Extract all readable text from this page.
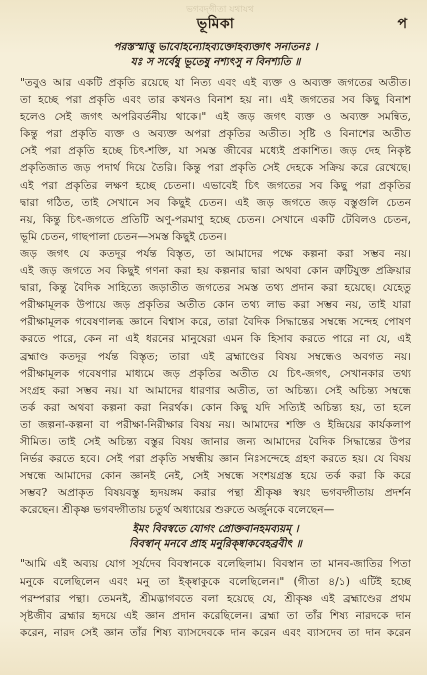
ভগবদ্‌গীতা যথাযথ
ভূমিকা	প
পরস্তস্মাত্তু ভাবোহন্যোহব্যক্তোহব্যক্তাৎ সনাতনঃ ।
যঃ স সর্বেষু ভূতেষু নশ্যৎসু ন বিনশ্যতি ॥
"তবুও আর একটি প্রকৃতি রয়েছে যা নিত্য এবং এই ব্যক্ত ও অব্যক্ত জগতের অতীত।
তা হচ্ছে পরা প্রকৃতি এবং তার কখনও বিনাশ হয় না। এই জগতের সব কিছু বিনাশ
হলেও সেই জগৎ অপরিবর্তনীয় থাকে।" এই জড় জগৎ ব্যক্ত ও অব্যক্ত সমন্বিত,
কিন্তু পরা প্রকৃতি ব্যক্ত ও অব্যক্ত অপরা প্রকৃতির অতীত। সৃষ্টি ও বিনাশের অতীত
সেই পরা প্রকৃতি হচ্ছে চিৎ-শক্তি, যা সমস্ত জীবের মধ্যেই প্রকাশিত। জড় দেহ নিকৃষ্ট
প্রকৃতিজাত জড় পদার্থ দিয়ে তৈরি। কিন্তু পরা প্রকৃতি সেই দেহকে সক্রিয় করে রেখেছে।
এই পরা প্রকৃতির লক্ষণ হচ্ছে চেতনা। এভাবেই চিৎ জগতের সব কিছু পরা প্রকৃতির
দ্বারা গঠিত, তাই সেখানে সব কিছুই চেতন। এই জড় জগতে জড় বস্তুগুলি চেতন
নয়, কিন্তু চিৎ-জগতে প্রতিটি অণু-পরমাণু হচ্ছে চেতন। সেখানে একটি টেবিলও চেতন,
ভূমি চেতন, গাছপালা চেতন—সমস্ত কিছুই চেতন।
জড় জগৎ যে কতদূর পর্যন্ত বিস্তৃত, তা আমাদের পক্ষে কল্পনা করা সম্ভব নয়।
এই জড় জগতে সব কিছুই গণনা করা হয় কল্পনার দ্বারা অথবা কোন ত্রুটিযুক্ত প্রক্রিয়ার
দ্বারা, কিন্তু বৈদিক সাহিত্যে জড়াতীত জগতের সমস্ত তথ্য প্রদান করা হয়েছে। যেহেতু
পরীক্ষামূলক উপায়ে জড় প্রকৃতির অতীত কোন তথ্য লাভ করা সম্ভব নয়, তাই যারা
পরীক্ষামূলক গবেষণালব্ধ জ্ঞানে বিশ্বাস করে, তারা বৈদিক সিদ্ধান্তের সম্বন্ধে সন্দেহ পোষণ
করতে পারে, কেন না এই ধরনের মানুষেরা এমন কি হিসাব করতে পারে না যে, এই
ব্রহ্মাণ্ড কতদূর পর্যন্ত বিস্তৃত; তারা এই ব্রহ্মাণ্ডের বিষয় সম্বন্ধেও অবগত নয়।
পরীক্ষামূলক গবেষণার মাধ্যমে জড় প্রকৃতির অতীত যে চিৎ-জগৎ, সেখানকার তথ্য
সংগ্রহ করা সম্ভব নয়। যা আমাদের ধারণার অতীত, তা অচিন্ত্য। সেই অচিন্ত্য সম্বন্ধে
তর্ক করা অথবা কল্পনা করা নিরর্থক। কোন কিছু যদি সত্যিই অচিন্ত্য হয়, তা হলে
তা জল্পনা-কল্পনা বা পরীক্ষা-নিরীক্ষার বিষয় নয়। আমাদের শক্তি ও ইন্দ্রিয়ের কার্যকলাপ
সীমিত। তাই সেই অচিন্ত্য বস্তুর বিষয় জানার জন্য আমাদের বৈদিক সিদ্ধান্তের উপর
নির্ভর করতে হবে। সেই পরা প্রকৃতি সম্বন্ধীয় জ্ঞান নিঃসন্দেহে গ্রহণ করতে হয়। যে বিষয়
সম্বন্ধে আমাদের কোন জ্ঞানই নেই, সেই সম্বন্ধে সংশয়গ্রস্ত হয়ে তর্ক করা কি করে
সম্ভব? অপ্রাকৃত বিষয়বস্তু হৃদয়ঙ্গম করার পন্থা শ্রীকৃষ্ণ স্বয়ং ভগবদ্গীতায় প্রদর্শন
করেছেন। শ্রীকৃষ্ণ ভগবদ্গীতায় চতুর্থ অধ্যায়ের শুরুতে অর্জুনকে বলেছেন—
ইমং বিবস্বতে যোগং প্রোক্তবানহমব্যয়ম্ ।
বিবস্বান্ মনবে প্রাহ মনুরিক্ষ্বাকবেহব্রবীৎ ॥
"আমি এই অব্যয় যোগ সূর্যদেব বিবস্বানকে বলেছিলাম। বিবস্বান তা মানব-জাতির পিতা
মনুকে বলেছিলেন এবং মনু তা ইক্ষ্বাকুকে বলেছিলেন।" (গীতা ৪/১) এটিই হচ্ছে
পরম্পরার পন্থা। তেমনই, শ্রীমদ্ভাগবতে বলা হয়েছে যে, শ্রীকৃষ্ণ এই ব্রহ্মাণ্ডের প্রথম
সৃষ্টজীব ব্রহ্মার হৃদয়ে এই জ্ঞান প্রদান করেছিলেন। ব্রহ্মা তা তাঁর শিষ্য নারদকে দান
করেন, নারদ সেই জ্ঞান তাঁর শিষ্য ব্যাসদেবকে দান করেন এবং ব্যাসদেব তা দান করেন
